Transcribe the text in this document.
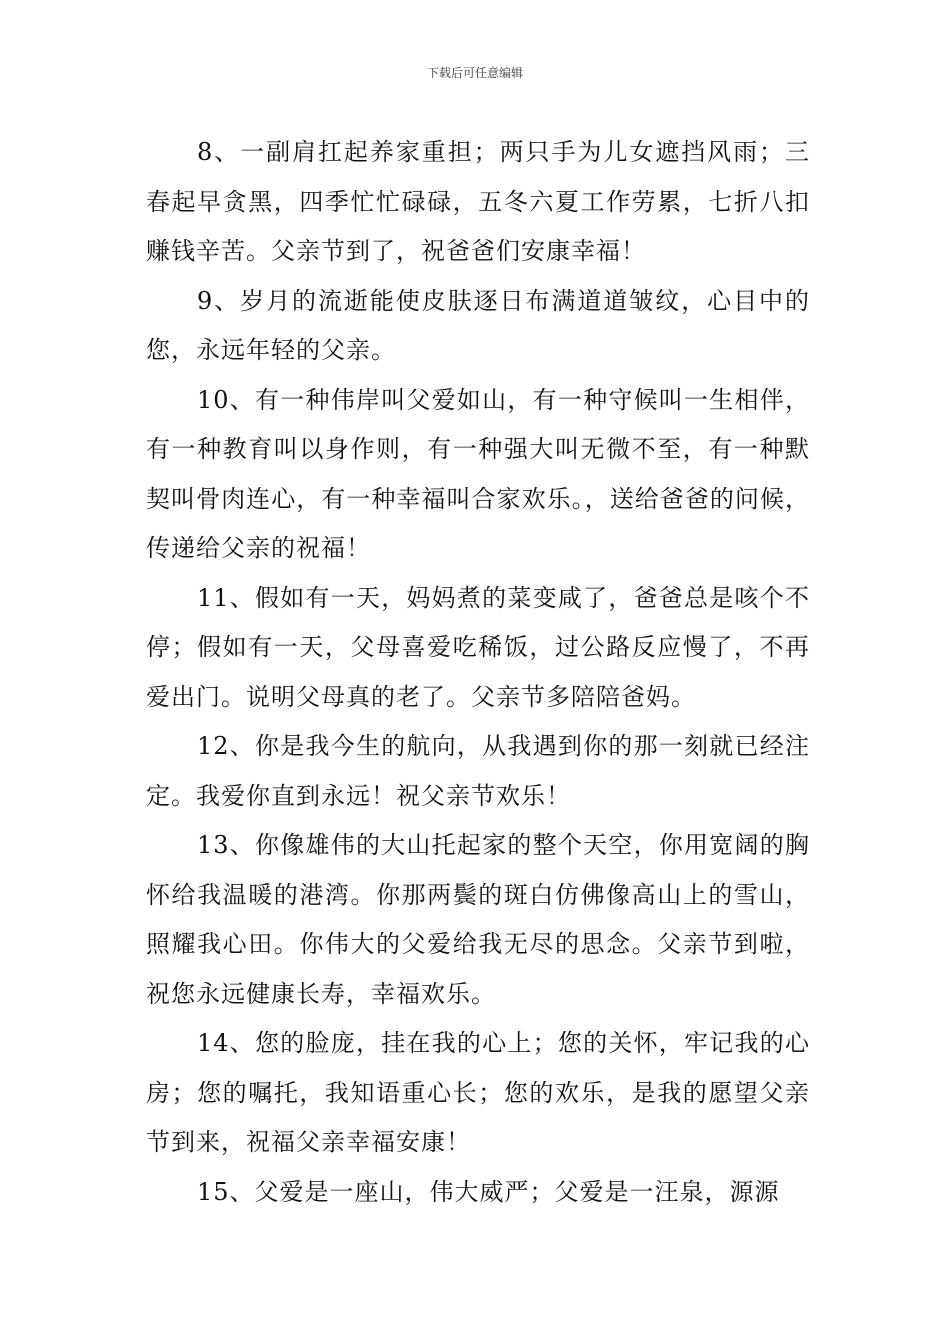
下载后可任意编辑

8、一副肩扛起养家重担；两只手为儿女遮挡风雨；三春起早贪黑，四季忙忙碌碌，五冬六夏工作劳累，七折八扣赚钱辛苦。父亲节到了，祝爸爸们安康幸福！

9、岁月的流逝能使皮肤逐日布满道道皱纹，心目中的您，永远年轻的父亲。

10、有一种伟岸叫父爱如山，有一种守候叫一生相伴，有一种教育叫以身作则，有一种强大叫无微不至，有一种默契叫骨肉连心，有一种幸福叫合家欢乐。，送给爸爸的问候，传递给父亲的祝福！

11、假如有一天，妈妈煮的菜变咸了，爸爸总是咳个不停；假如有一天，父母喜爱吃稀饭，过公路反应慢了，不再爱出门。说明父母真的老了。父亲节多陪陪爸妈。

12、你是我今生的航向，从我遇到你的那一刻就已经注定。我爱你直到永远！祝父亲节欢乐！

13、你像雄伟的大山托起家的整个天空，你用宽阔的胸怀给我温暖的港湾。你那两鬓的斑白仿佛像高山上的雪山，照耀我心田。你伟大的父爱给我无尽的思念。父亲节到啦，祝您永远健康长寿，幸福欢乐。

14、您的脸庞，挂在我的心上；您的关怀，牢记我的心房；您的嘱托，我知语重心长；您的欢乐，是我的愿望父亲节到来，祝福父亲幸福安康！

15、父爱是一座山，伟大威严；父爱是一汪泉，源源
